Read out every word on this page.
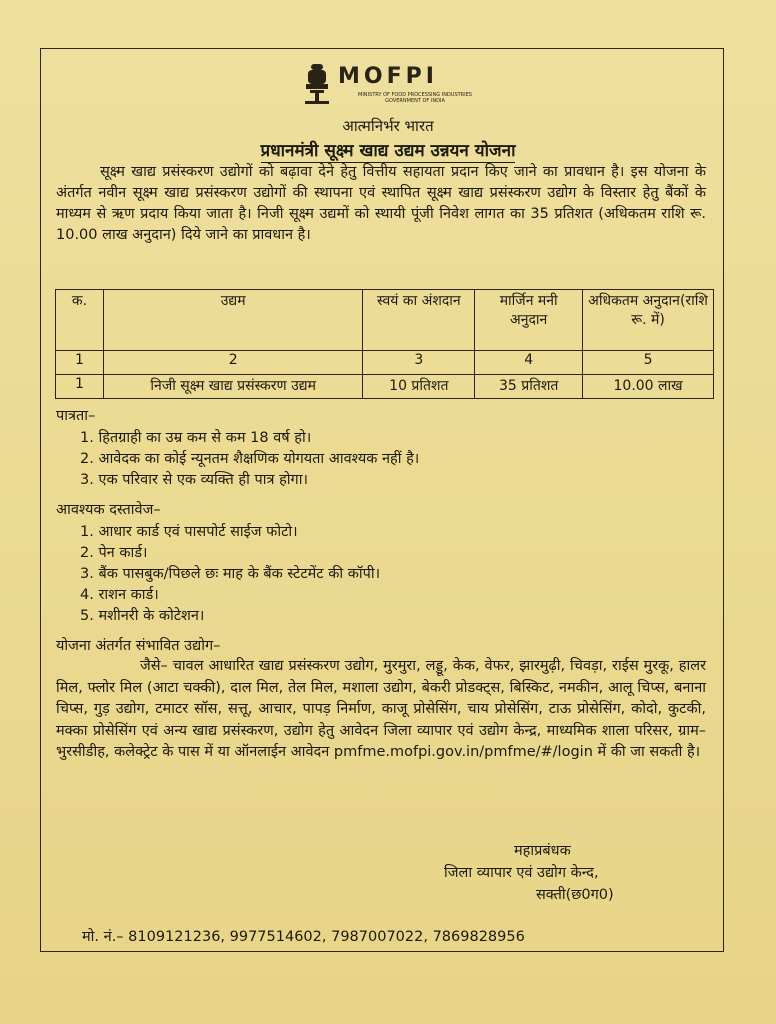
MOFPI
MINISTRY OF FOOD PROCESSING INDUSTRIES GOVERNMENT OF INDIA
आत्मनिर्भर भारत
प्रधानमंत्री सूक्ष्म खाद्य उद्यम उन्नयन योजना

सूक्ष्म खाद्य प्रसंस्करण उद्योगों को बढ़ावा देने हेतु वित्तीय सहायता प्रदान किए जाने का प्रावधान है। इस योजना के अंतर्गत नवीन सूक्ष्म खाद्य प्रसंस्करण उद्योगों की स्थापना एवं स्थापित सूक्ष्म खाद्य प्रसंस्करण उद्योग के विस्तार हेतु बैंकों के माध्यम से ऋण प्रदाय किया जाता है। निजी सूक्ष्म उद्यमों को स्थायी पूंजी निवेश लागत का 35 प्रतिशत (अधिकतम राशि रू. 10.00 लाख अनुदान) दिये जाने का प्रावधान है।

क.	उद्यम	स्वयं का अंशदान	मार्जिन मनी अनुदान	अधिकतम अनुदान(राशि रू. में)
1	2	3	4	5
1	निजी सूक्ष्म खाद्य प्रसंस्करण उद्यम	10 प्रतिशत	35 प्रतिशत	10.00 लाख
पात्रता–
1. हितग्राही का उम्र कम से कम 18 वर्ष हो।
2. आवेदक का कोई न्यूनतम शैक्षणिक योगयता आवश्यक नहीं है।
3. एक परिवार से एक व्यक्ति ही पात्र होगा।
आवश्यक दस्तावेज–
1. आधार कार्ड एवं पासपोर्ट साईज फोटो।
2. पेन कार्ड।
3. बैंक पासबुक/पिछले छः माह के बैंक स्टेटमेंट की कॉपी।
4. राशन कार्ड।
5. मशीनरी के कोटेशन।
योजना अंतर्गत संभावित उद्योग–

जैसे– चावल आधारित खाद्य प्रसंस्करण उद्योग, मुरमुरा, लड्डू, केक, वेफर, झारमुढ़ी, चिवड़ा, राईस मुरकू, हालर मिल, फ्लोर मिल (आटा चक्की), दाल मिल, तेल मिल, मशाला उद्योग, बेकरी प्रोडक्ट्स, बिस्किट, नमकीन, आलू चिप्स, बनाना चिप्स, गुड़ उद्योग, टमाटर सॉस, सत्तू, आचार, पापड़ निर्माण, काजू प्रोसेसिंग, चाय प्रोसेसिंग, टाऊ प्रोसेसिंग, कोदो, कुटकी, मक्का प्रोसेसिंग एवं अन्य खाद्य प्रसंस्करण, उद्योग हेतु आवेदन जिला व्यापार एवं उद्योग केन्द्र, माध्यमिक शाला परिसर, ग्राम–भुरसीडीह, कलेक्ट्रेट के पास में या ऑनलाईन आवेदन pmfme.mofpi.gov.in/pmfme/#/login में की जा सकती है।

महाप्रबंधक
जिला व्यापार एवं उद्योग केन्द,
सक्ती(छ0ग0)
मो. नं.– 8109121236, 9977514602, 7987007022, 7869828956
